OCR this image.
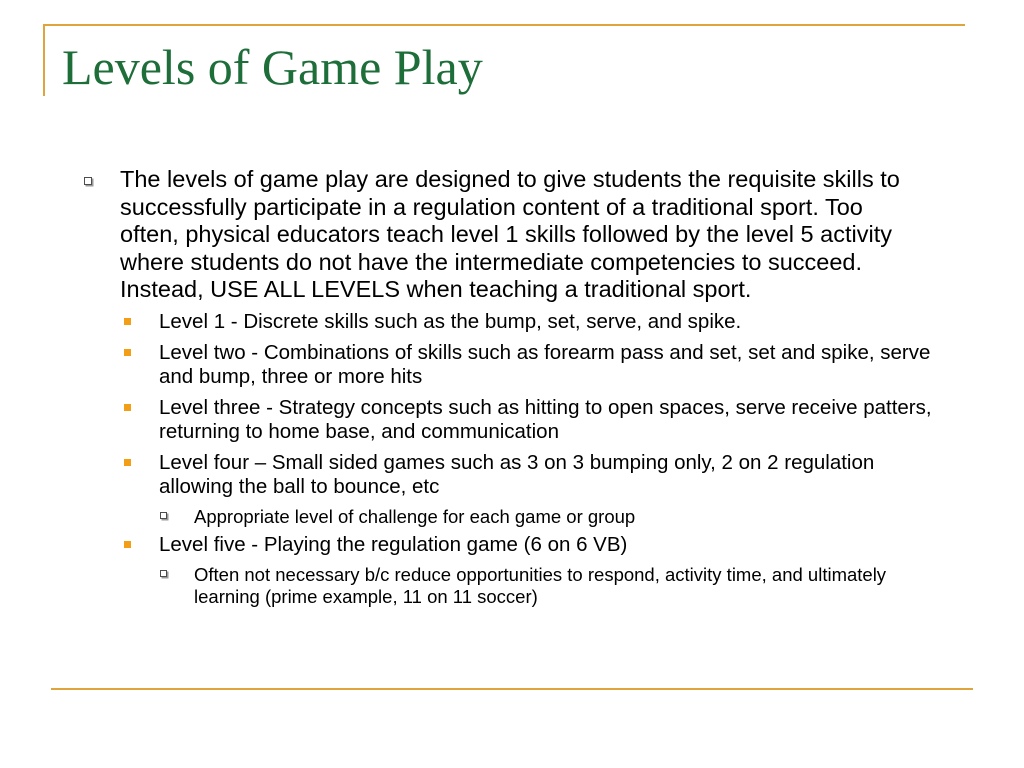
Levels of Game Play
The levels of game play are designed to give students the requisite skills to successfully participate in a regulation content of a traditional sport. Too often, physical educators teach level 1 skills followed by the level 5 activity where students do not have the intermediate competencies to succeed. Instead, USE ALL LEVELS when teaching a traditional sport.
Level 1 - Discrete skills such as the bump, set, serve, and spike.
Level two - Combinations of skills such as forearm pass and set, set and spike, serve and bump, three or more hits
Level three - Strategy concepts such as hitting to open spaces, serve receive patters, returning to home base, and communication
Level four – Small sided games such as 3 on 3 bumping only, 2 on 2 regulation allowing the ball to bounce, etc
Appropriate level of challenge for each game or group
Level five - Playing the regulation game (6 on 6 VB)
Often not necessary b/c reduce opportunities to respond, activity time, and ultimately learning (prime example, 11 on 11 soccer)
